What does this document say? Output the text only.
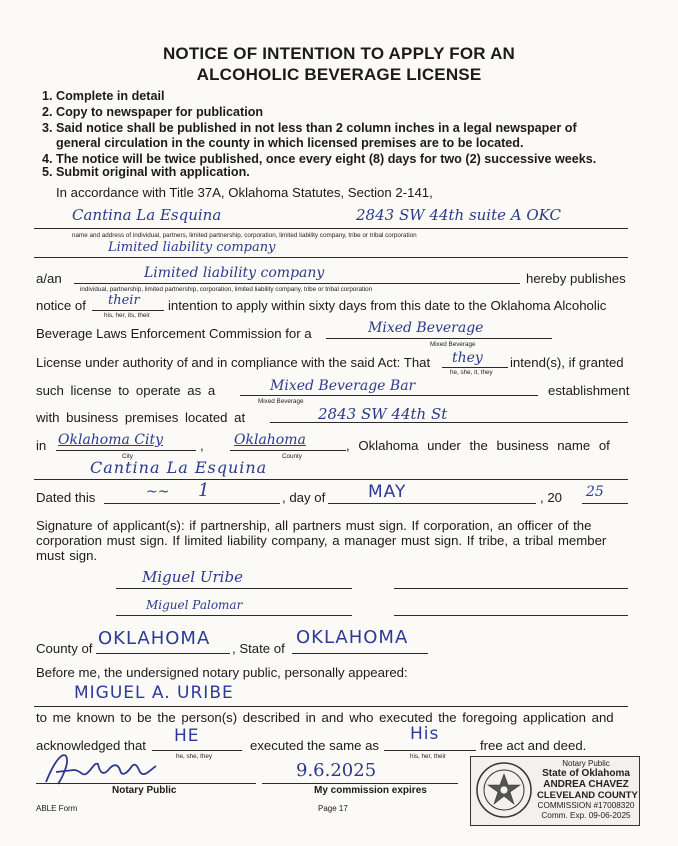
NOTICE OF INTENTION TO APPLY FOR AN
ALCOHOLIC BEVERAGE LICENSE
1. Complete in detail
2. Copy to newspaper for publication
3. Said notice shall be published in not less than 2 column inches in a legal newspaper of
general circulation in the county in which licensed premises are to be located.
4. The notice will be twice published, once every eight (8) days for two (2) successive weeks.
5. Submit original with application.
In accordance with Title 37A, Oklahoma Statutes, Section 2-141,
Cantina La Esquina	2843 SW 44th suite A OKC
name and address of individual, partners, limited partnership, corporation, limited liability company, tribe or tribal corporation
Limited liability company
a/an	Limited liability company	hereby publishes
individual, partnership, limited partnership, corporation, limited liability company, tribe or tribal corporation
notice of their
his, her, its, their
intention to apply within sixty days from this date to the Oklahoma Alcoholic
Beverage Laws Enforcement Commission for a	Mixed Beverage
Mixed Beverage
License under authority of and in compliance with the said Act: That they
he, she, it, they
intend(s), if granted
such license to operate as a	Mixed Beverage Bar
Mixed Beverage
establishment
with business premises located at	2843 SW 44th St
in Oklahoma City
City
, Oklahoma
County
, Oklahoma under the business name of
Cantina La Esquina
Dated this	~~ 1	, day of	MAY	, 20 25
Signature of applicant(s): if partnership, all partners must sign. If corporation, an officer of the corporation must sign. If limited liability company, a manager must sign. If tribe, a tribal member must sign.
Miguel Uribe
Miguel Palomar
County of OKLAHOMA , State of
OKLAHOMA
Before me, the undersigned notary public, personally appeared:
MIGUEL A. URIBE
to me known to be the person(s) described in and who executed the foregoing application and
acknowledged that HE
he, she, they
executed the same as
His
his, her, their
free act and deed.
Notary Public
9.6.2025
My commission expires
Notary Public
State of Oklahoma
ANDREA CHAVEZ
CLEVELAND COUNTY
COMMISSION #17008320
Comm. Exp. 09-06-2025
ABLE Form	Page 17
